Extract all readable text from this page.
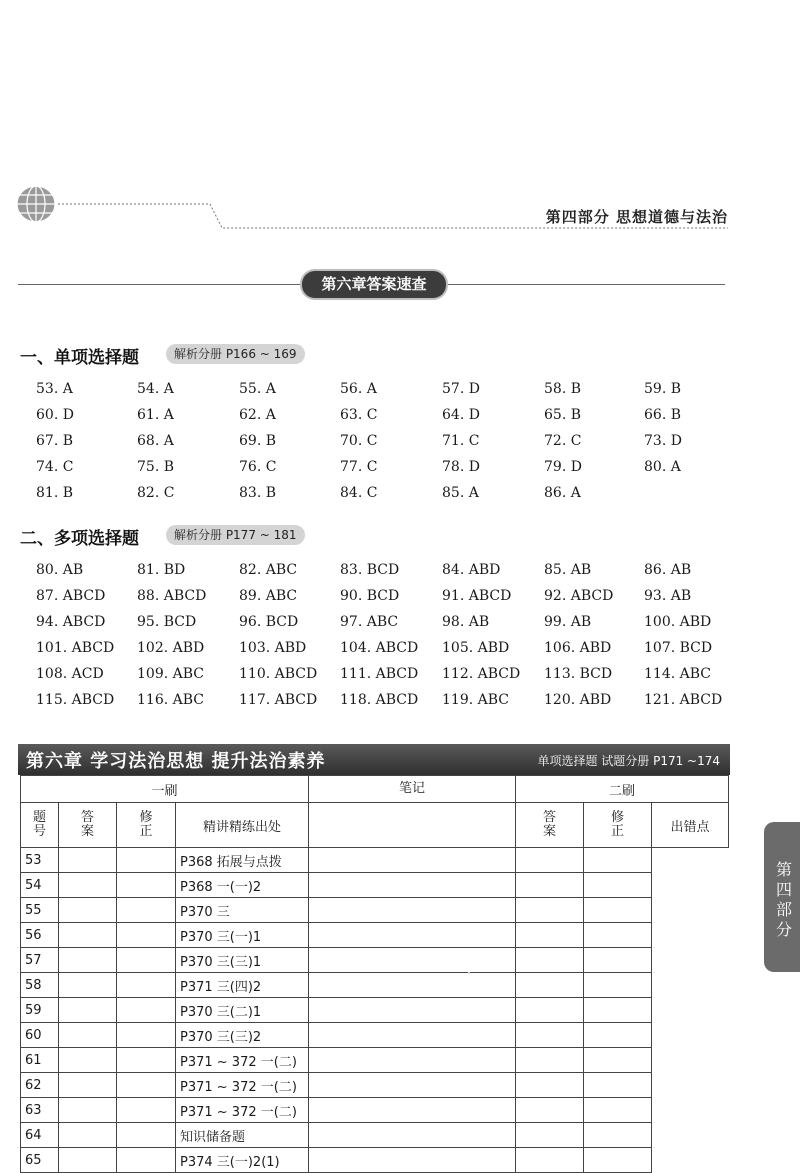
第四部分 思想道德与法治
第六章答案速查
一、单项选择题	解析分册 P166 ~ 169
53. A	54. A	55. A	56. A	57. D	58. B	59. B
60. D	61. A	62. A	63. C	64. D	65. B	66. B
67. B	68. A	69. B	70. C	71. C	72. C	73. D
74. C	75. B	76. C	77. C	78. D	79. D	80. A
81. B	82. C	83. B	84. C	85. A	86. A
二、多项选择题	解析分册 P177 ~ 181
80. AB	81. BD	82. ABC	83. BCD	84. ABD	85. AB	86. AB
87. ABCD 88. ABCD 89. ABC	90. BCD	91. ABCD 92. ABCD 93. AB
94. ABCD 95. BCD	96. BCD	97. ABC	98. AB	99. AB	100. ABD
101. ABCD 102. ABD 103. ABD 104. ABCD 105. ABD 106. ABD 107. BCD
108. ACD 109. ABC	110. ABCD 111. ABCD 112. ABCD 113. BCD 114. ABC
115. ABCD 116. ABC	117. ABCD 118. ABCD 119. ABC	120. ABD 121. ABCD
第六章 学习法治思想 提升法治素养	单项选择题 试题分册 P171 ~174
一刷				笔记	二刷		
题号	答案	修正	精讲精练出处		答案	修正	出错点
53			P368 拓展与点拨				
54			P368 一(一)2				
55			P370 三				
56			P370 三(一)1				
57			P370 三(三)1				
58			P371 三(四)2				
59			P370 三(二)1				
60			P370 三(三)2				
61			P371 ~ 372 一(二)				
62			P371 ~ 372 一(二)				
63			P371 ~ 372 一(二)				
64			知识储备题				
65			P374 三(一)2(1)				
第四部分
